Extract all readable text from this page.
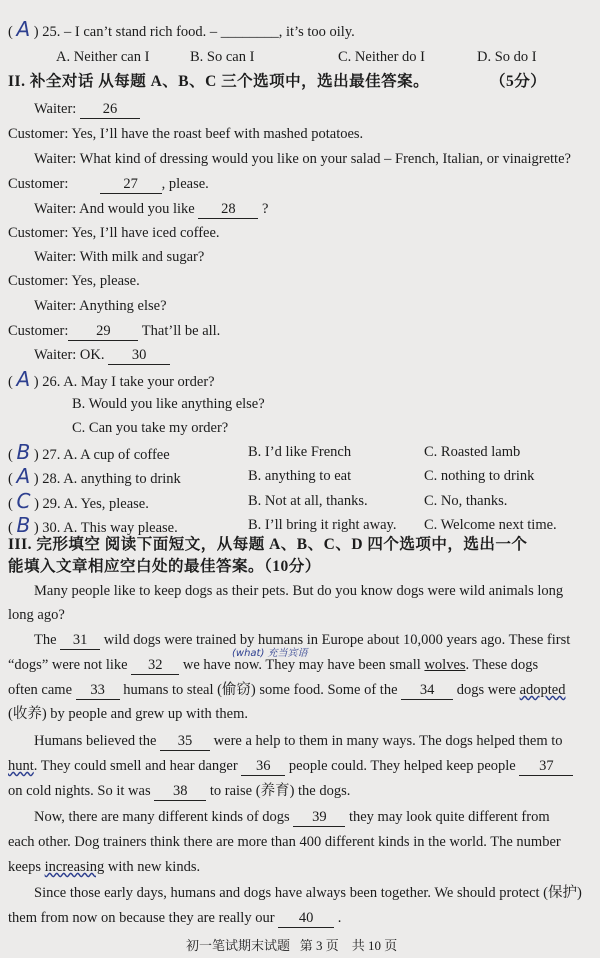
( A ) 25. – I can’t stand rich food. – ________, it’s too oily.
A. Neither can I	B. So can I	C. Neither do I	D. So do I
II. 补全对话 从每题 A、B、C 三个选项中，选出最佳答案。	（5分）
Waiter: 26
Customer: Yes, I’ll have the roast beef with mashed potatoes.
Waiter: What kind of dressing would you like on your salad – French, Italian, or vinaigrette?
Customer:	27 , please.
Waiter: And would you like 28 ?
Customer: Yes, I’ll have iced coffee.
Waiter: With milk and sugar?
Customer: Yes, please.
Waiter: Anything else?
Customer: 29 That’ll be all.
Waiter: OK. 30
( A ) 26. A. May I take your order?
B. Would you like anything else?
C. Can you take my order?
( B ) 27. A. A cup of coffee	B. I’d like French	C. Roasted lamb
( A ) 28. A. anything to drink	B. anything to eat	C. nothing to drink
( C ) 29. A. Yes, please.	B. Not at all, thanks.	C. No, thanks.
( B ) 30. A. This way please.	B. I’ll bring it right away. C. Welcome next time.
III. 完形填空 阅读下面短文，从每题 A、B、C、D 四个选项中，选出一个
能填入文章相应空白处的最佳答案。（10分）
Many people like to keep dogs as their pets. But do you know dogs were wild animals long
long ago?
The 31 wild dogs were trained by humans in Europe about 10,000 years ago. These first
“dogs” were not like 32 we have now. They may have been small wolves. These dogs
(what) 充当宾语
often came 33 humans to steal (偷窃) some food. Some of the 34 dogs were adopted
(收养) by people and grew up with them.
Humans believed the 35 were a help to them in many ways. The dogs helped them to
hunt. They could smell and hear danger 36 people could. They helped keep people 37
on cold nights. So it was 38 to raise (养育) the dogs.
Now, there are many different kinds of dogs 39 they may look quite different from
each other. Dog trainers think there are more than 400 different kinds in the world. The number
keeps increasing with new kinds.
Since those early days, humans and dogs have always been together. We should protect (保护)
them from now on because they are really our 40 .
初一笔试期末试题 第 3 页 共 10 页
